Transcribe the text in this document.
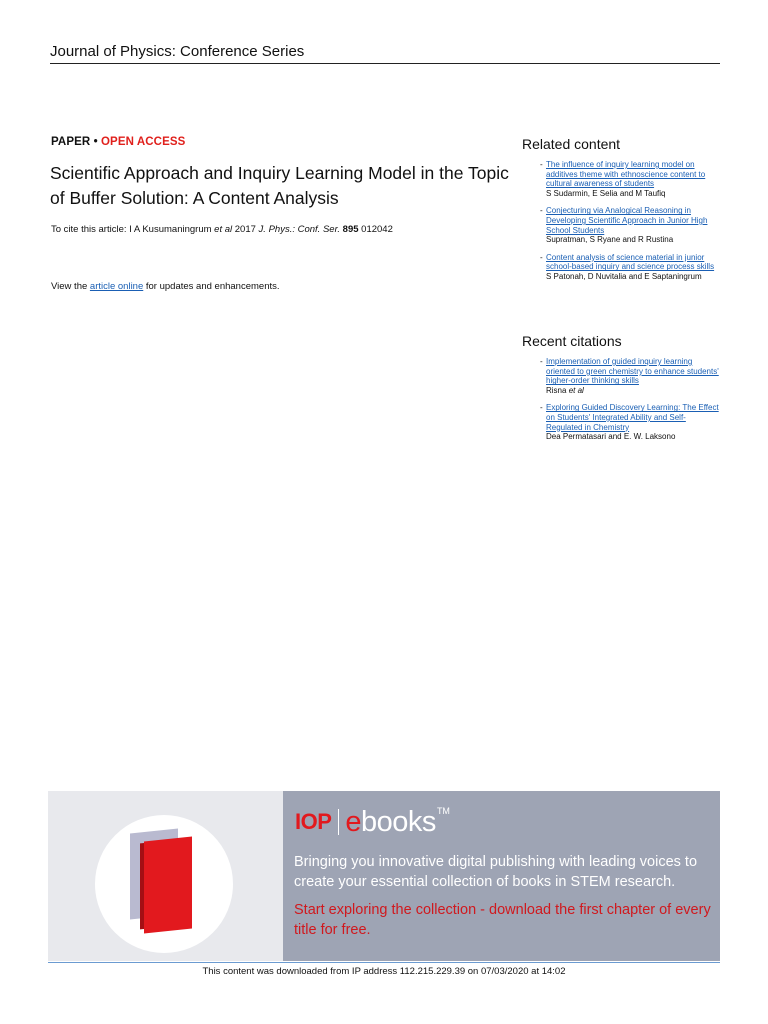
Journal of Physics: Conference Series
PAPER • OPEN ACCESS
Scientific Approach and Inquiry Learning Model in the Topic of Buffer Solution: A Content Analysis
To cite this article: I A Kusumaningrum et al 2017 J. Phys.: Conf. Ser. 895 012042
View the article online for updates and enhancements.
Related content
- The influence of inquiry learning model on additives theme with ethnoscience content to cultural awareness of students
S Sudarmin, E Selia and M Taufiq
- Conjecturing via Analogical Reasoning in Developing Scientific Approach in Junior High School Students
Supratman, S Ryane and R Rustina
- Content analysis of science material in junior school-based inquiry and science process skills
S Patonah, D Nuvitalia and E Saptaningrum
Recent citations
- Implementation of guided inquiry learning oriented to green chemistry to enhance students' higher-order thinking skills
Risna et al
- Exploring Guided Discovery Learning: The Effect on Students' Integrated Ability and Self-Regulated in Chemistry
Dea Permatasari and E. W. Laksono
IOP ebooks TM
Bringing you innovative digital publishing with leading voices to create your essential collection of books in STEM research.
Start exploring the collection - download the first chapter of every title for free.
This content was downloaded from IP address 112.215.229.39 on 07/03/2020 at 14:02
